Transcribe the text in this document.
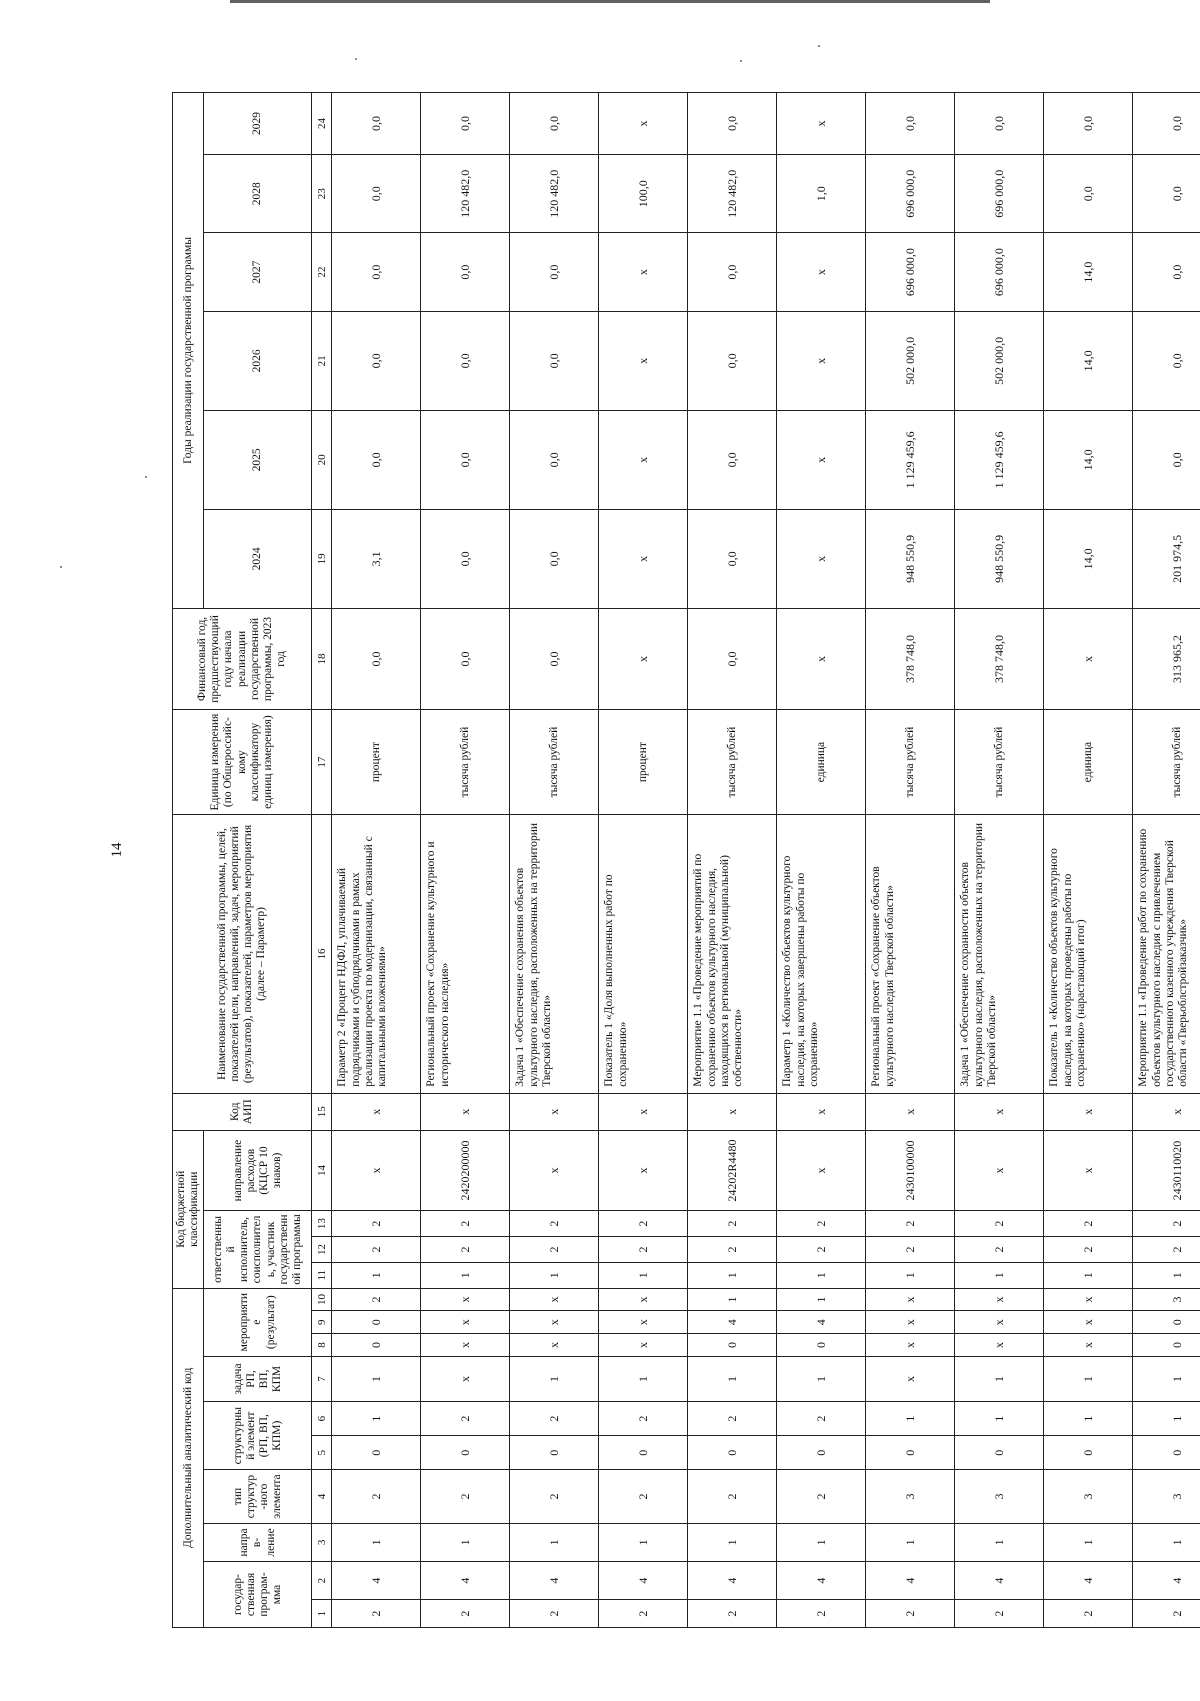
14
Дополнительный аналитический код										Код бюджетной классификации				Код АИП	Наименование государственной программы, целей, показателей цели, направлений, задач, мероприятий (результатов), показателей, параметров мероприятия (далее – Параметр)	Единица измерения (по Общероссийс-кому классификатору единиц измерения)	Финансовый год, предшествующий году начала реализации государственной программы, 2023 год	Годы реализации государственной программы					
государ-ственная програм-мма		направ-ление	тип структур-ного элемента	структурный элемент (РП, ВП, КПМ)		задача РП, ВП, КПМ	мероприятие (результат)			ответственный исполнитель, соисполнитель, участник государственной программы			направление расходов (КЦСР 10 знаков)					2024	2025	2026	2027	2028	2029
1	2	3	4	5	6	7	8	9	10	11	12	13	14	15	16	17	18	19	20	21	22	23	24
2	4	1	2	0	1	1	0	0	2	1	2	2	x	x	Параметр 2 «Процент НДФЛ, уплачиваемый подрядчиками и субподрядчиками в рамках реализации проекта по модернизации, связанный с капитальными вложениями»	процент	0,0	3,1	0,0	0,0	0,0	0,0	0,0
2	4	1	2	0	2	x	x	x	x	1	2	2	2420200000	x	Региональный проект «Сохранение культурного и исторического наследия»	тысяча рублей	0,0	0,0	0,0	0,0	0,0	120 482,0	0,0
2	4	1	2	0	2	1	x	x	x	1	2	2	x	x	Задача 1 «Обеспечение сохранения объектов культурного наследия, расположенных на территории Тверской области»	тысяча рублей	0,0	0,0	0,0	0,0	0,0	120 482,0	0,0
2	4	1	2	0	2	1	x	x	x	1	2	2	x	x	Показатель 1 «Доля выполненных работ по сохранению»	процент	x	x	x	x	x	100,0	x
2	4	1	2	0	2	1	0	4	1	1	2	2	24202R4480	x	Мероприятие 1.1 «Проведение мероприятий по сохранению объектов культурного наследия, находящихся в региональной (муниципальной) собственности»	тысяча рублей	0,0	0,0	0,0	0,0	0,0	120 482,0	0,0
2	4	1	2	0	2	1	0	4	1	1	2	2	x	x	Параметр 1 «Количество объектов культурного наследия, на которых завершены работы по сохранению»	единица	x	x	x	x	x	1,0	x
2	4	1	3	0	1	x	x	x	x	1	2	2	2430100000	x	Региональный проект «Сохранение объектов культурного наследия Тверской области»	тысяча рублей	378 748,0	948 550,9	1 129 459,6	502 000,0	696 000,0	696 000,0	0,0
2	4	1	3	0	1	1	x	x	x	1	2	2	x	x	Задача 1 «Обеспечение сохранности объектов культурного наследия, расположенных на территории Тверской области»	тысяча рублей	378 748,0	948 550,9	1 129 459,6	502 000,0	696 000,0	696 000,0	0,0
2	4	1	3	0	1	1	x	x	x	1	2	2	x	x	Показатель 1 «Количество объектов культурного наследия, на которых проведены работы по сохранению» (нарастающий итог)	единица	x	14,0	14,0	14,0	14,0	0,0	0,0
2	4	1	3	0	1	1	0	0	3	1	2	2	2430110020	x	Мероприятие 1.1 «Проведение работ по сохранению объектов культурного наследия с привлечением государственного казенного учреждения Тверской области «Тверьоблстройзаказчик»	тысяча рублей	313 965,2	201 974,5	0,0	0,0	0,0	0,0	0,0
